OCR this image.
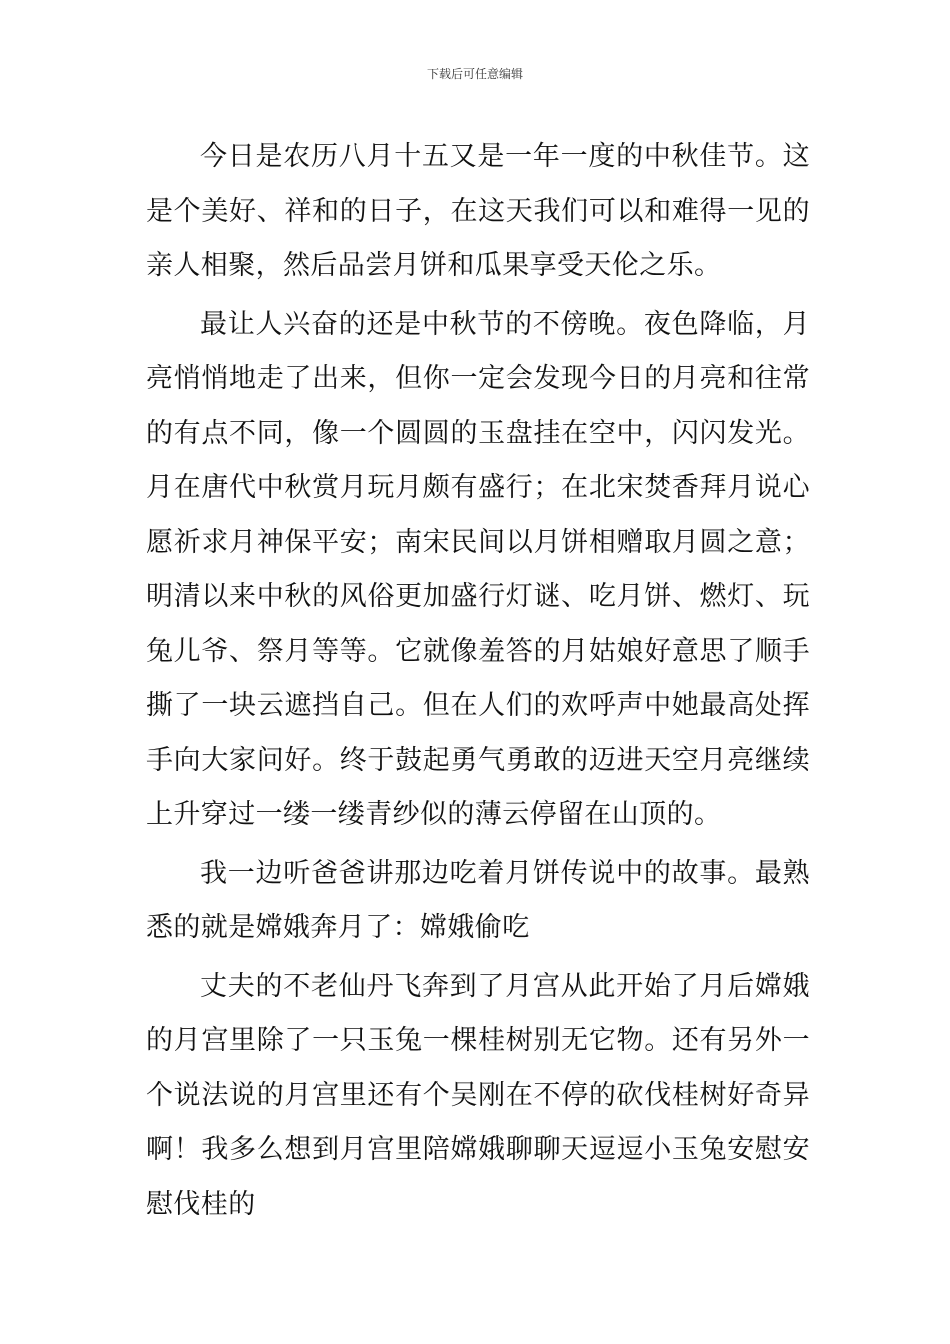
下载后可任意编辑

今日是农历八月十五又是一年一度的中秋佳节。这是个美好、祥和的日子，在这天我们可以和难得一见的亲人相聚，然后品尝月饼和瓜果享受天伦之乐。

最让人兴奋的还是中秋节的不傍晚。夜色降临，月亮悄悄地走了出来，但你一定会发现今日的月亮和往常的有点不同，像一个圆圆的玉盘挂在空中，闪闪发光。月在唐代中秋赏月玩月颇有盛行；在北宋焚香拜月说心愿祈求月神保平安；南宋民间以月饼相赠取月圆之意；明清以来中秋的风俗更加盛行灯谜、吃月饼、燃灯、玩兔儿爷、祭月等等。它就像羞答的月姑娘好意思了顺手撕了一块云遮挡自己。但在人们的欢呼声中她最高处挥手向大家问好。终于鼓起勇气勇敢的迈进天空月亮继续上升穿过一缕一缕青纱似的薄云停留在山顶的。

我一边听爸爸讲那边吃着月饼传说中的故事。最熟悉的就是嫦娥奔月了：嫦娥偷吃

丈夫的不老仙丹飞奔到了月宫从此开始了月后嫦娥的月宫里除了一只玉兔一棵桂树别无它物。还有另外一个说法说的月宫里还有个吴刚在不停的砍伐桂树好奇异啊！我多么想到月宫里陪嫦娥聊聊天逗逗小玉兔安慰安慰伐桂的
